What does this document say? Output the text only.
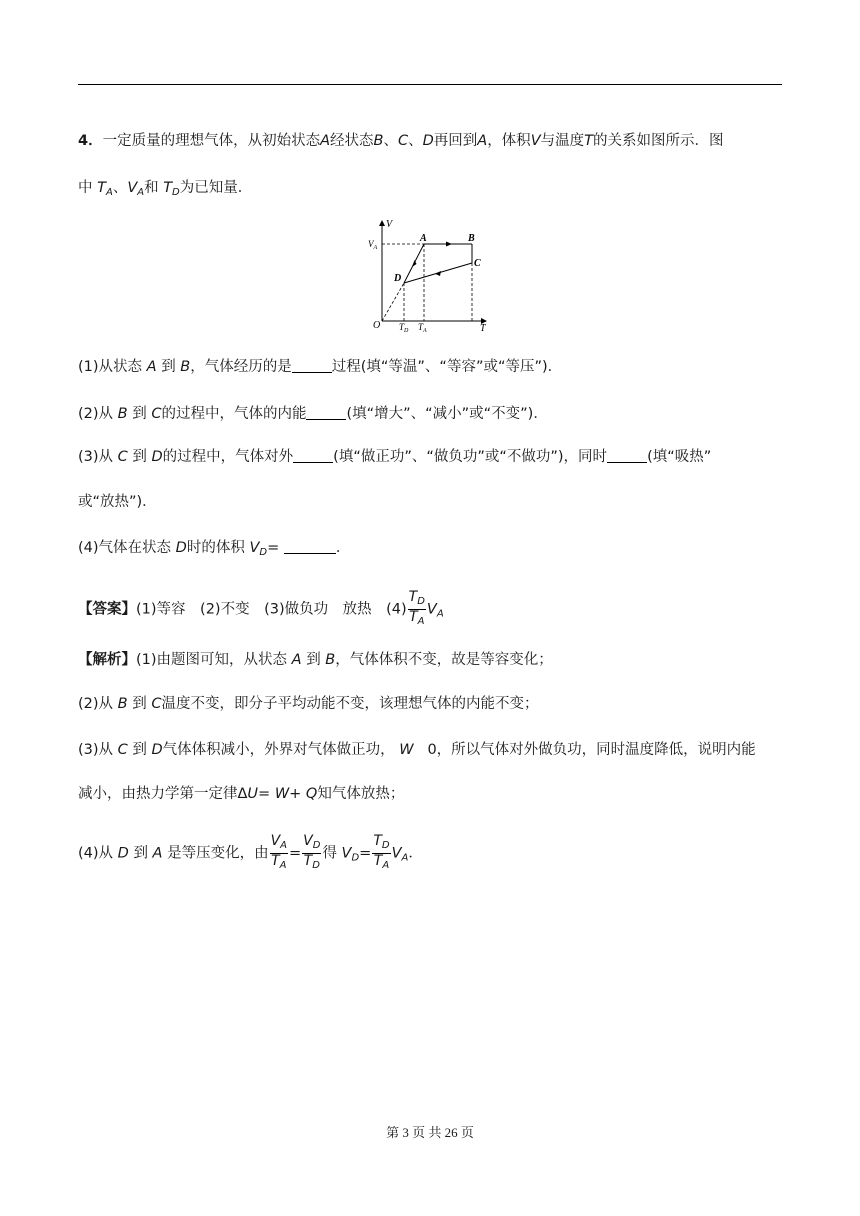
4．一定质量的理想气体，从初始状态A经状态B、C、D再回到A，体积V与温度T的关系如图所示．图
中 $T_A$、$V_A$和 $T_D$为已知量．
V
T
O
$V_A$
$T_D$ $T_A$
A	B
C
D
(1)从状态 A 到 B，气体经历的是	过程(填“等温”、“等容”或“等压”)．
(2)从 B 到 C的过程中，气体的内能	(填“增大”、“减小”或“不变”)．
(3)从 C 到 D的过程中，气体对外	(填“做正功”、“做负功”或“不做功”)，同时	(填“吸热”
或“放热”)．
(4)气体在状态 D时的体积 $V_D=$	．
【答案】(1)等容　(2)不变　(3)做负功　放热　$(4) \frac{T_D}{T_A} V_A$
【解析】(1)由题图可知，从状态 A 到 B，气体体积不变，故是等容变化；
(2)从 B 到 C温度不变，即分子平均动能不变，该理想气体的内能不变；
(3)从 C 到 D气体体积减小，外界对气体做正功， W 0，所以气体对外做负功，同时温度降低，说明内能
减小，由热力学第一定律ΔU= W+ Q知气体放热；
(4)从 D 到 A 是等压变化，由 $\frac{V_A}{T_A} = \frac{V_D}{T_D}$ 得 $V_D= \frac{T_D}{T_A} V_A$．
第 3 页 共 26 页
